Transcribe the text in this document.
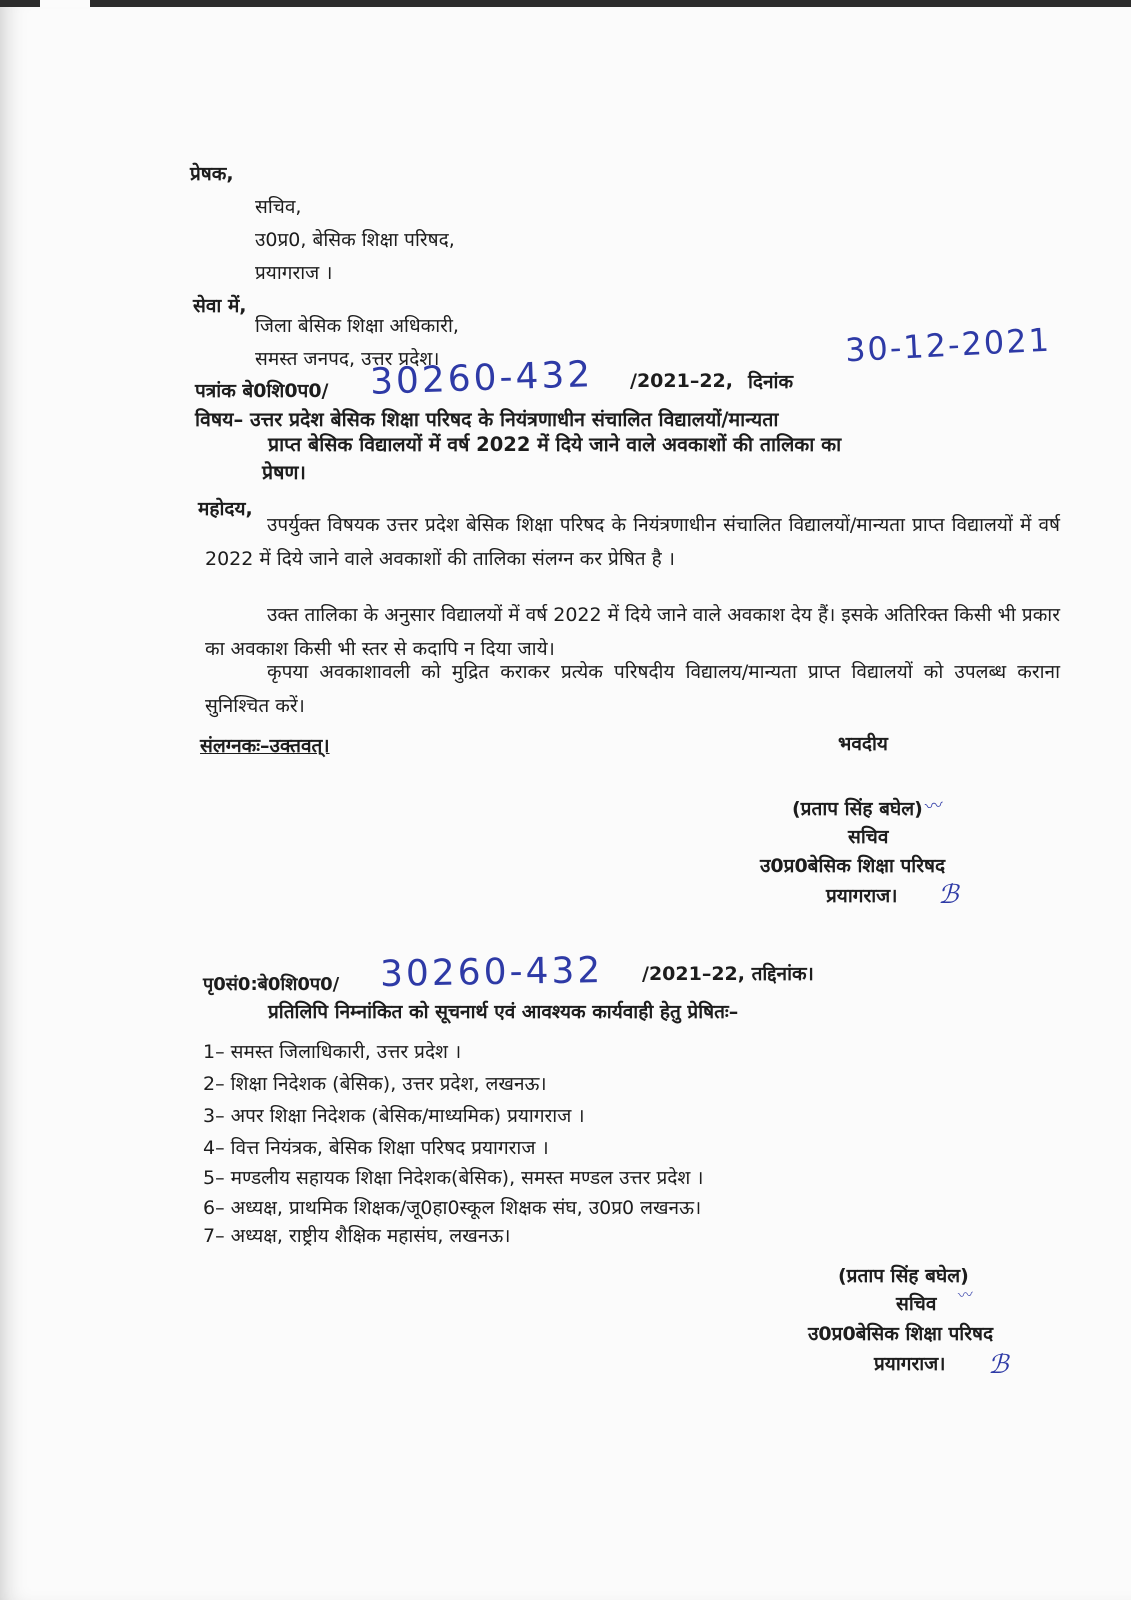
प्रेषक,
सचिव,
उ0प्र0, बेसिक शिक्षा परिषद,
प्रयागराज ।
सेवा में,
जिला बेसिक शिक्षा अधिकारी,
समस्त जनपद, उत्तर प्रदेश।
पत्रांक बे0शि0प0/ 30260-432 /2021–22, दिनांक
30-12-2021
विषय– उत्तर प्रदेश बेसिक शिक्षा परिषद के नियंत्रणाधीन संचालित विद्यालयों/मान्यता
प्राप्त बेसिक विद्यालयों में वर्ष 2022 में दिये जाने वाले अवकाशों की तालिका का
प्रेषण।
महोदय,
उपर्युक्त विषयक उत्तर प्रदेश बेसिक शिक्षा परिषद के नियंत्रणाधीन संचालित विद्यालयों/मान्यता प्राप्त विद्यालयों में वर्ष 2022 में दिये जाने वाले अवकाशों की तालिका संलग्न कर प्रेषित है ।
उक्त तालिका के अनुसार विद्यालयों में वर्ष 2022 में दिये जाने वाले अवकाश देय हैं। इसके अतिरिक्त किसी भी प्रकार का अवकाश किसी भी स्तर से कदापि न दिया जाये।
कृपया अवकाशावली को मुद्रित कराकर प्रत्येक परिषदीय विद्यालय/मान्यता प्राप्त विद्यालयों को उपलब्ध कराना सुनिश्चित करें।
संलग्नकः–उक्तवत्।	भवदीय
(प्रताप सिंह बघेल) 〰
सचिव
उ0प्र0बेसिक शिक्षा परिषद
प्रयागराज। ℬ
पृ0सं0:बे0शि0प0/ 30260-432 /2021–22, तद्दिनांक।
प्रतिलिपि निम्नांकित को सूचनार्थ एवं आवश्यक कार्यवाही हेतु प्रेषितः–
1– समस्त जिलाधिकारी, उत्तर प्रदेश ।
2– शिक्षा निदेशक (बेसिक), उत्तर प्रदेश, लखनऊ।
3– अपर शिक्षा निदेशक (बेसिक/माध्यमिक) प्रयागराज ।
4– वित्त नियंत्रक, बेसिक शिक्षा परिषद प्रयागराज ।
5– मण्डलीय सहायक शिक्षा निदेशक(बेसिक), समस्त मण्डल उत्तर प्रदेश ।
6– अध्यक्ष, प्राथमिक शिक्षक/जू0हा0स्कूल शिक्षक संघ, उ0प्र0 लखनऊ।
7– अध्यक्ष, राष्ट्रीय शैक्षिक महासंघ, लखनऊ।
(प्रताप सिंह बघेल)
सचिव 〰
उ0प्र0बेसिक शिक्षा परिषद
प्रयागराज। ℬ
